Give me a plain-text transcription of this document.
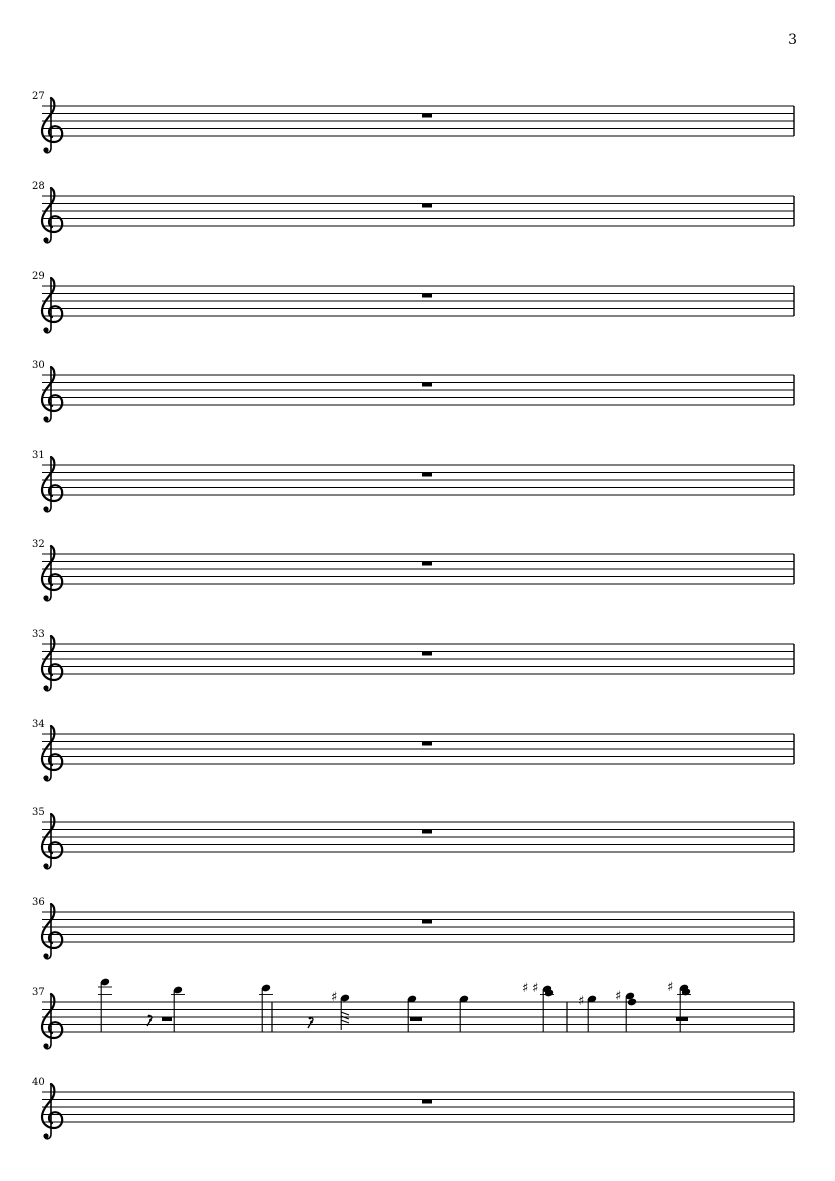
3
27
28
29
30
31
32
33
34
35
36
37	♯
♯ ♯
♯ ♯
♯
40
